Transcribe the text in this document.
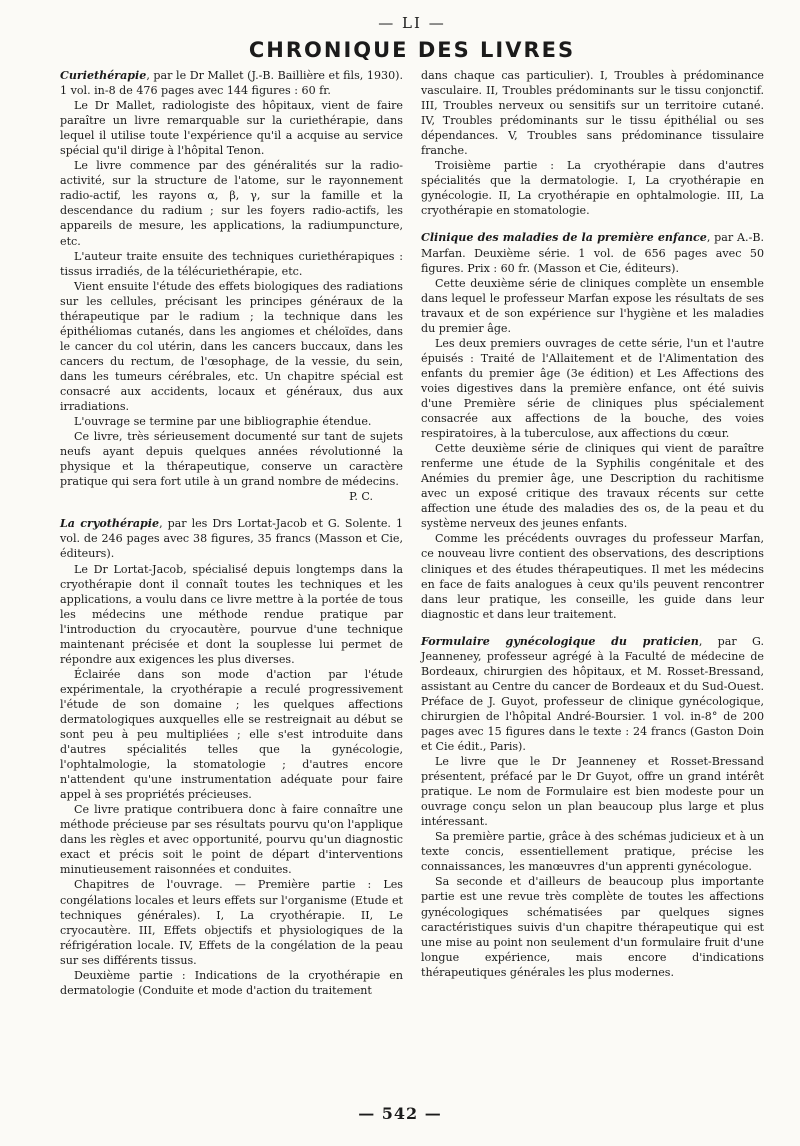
— LI —
CHRONIQUE DES LIVRES

Curiethérapie, par le Dr Mallet (J.-B. Baillière et fils, 1930). 1 vol. in-8 de 476 pages avec 144 figures : 60 fr.

Le Dr Mallet, radiologiste des hôpitaux, vient de faire paraître un livre remarquable sur la curiethérapie, dans lequel il utilise toute l'expérience qu'il a acquise au service spécial qu'il dirige à l'hôpital Tenon.

Le livre commence par des généralités sur la radio-activité, sur la structure de l'atome, sur le rayonnement radio-actif, les rayons α, β, γ, sur la famille et la descendance du radium ; sur les foyers radio-actifs, les appareils de mesure, les applications, la radiumpuncture, etc.

L'auteur traite ensuite des techniques curiethérapiques : tissus irradiés, de la télécuriethérapie, etc.

Vient ensuite l'étude des effets biologiques des radiations sur les cellules, précisant les principes généraux de la thérapeutique par le radium ; la technique dans les épithéliomas cutanés, dans les angiomes et chéloïdes, dans le cancer du col utérin, dans les cancers buccaux, dans les cancers du rectum, de l'œsophage, de la vessie, du sein, dans les tumeurs cérébrales, etc. Un chapitre spécial est consacré aux accidents, locaux et généraux, dus aux irradiations.

L'ouvrage se termine par une bibliographie étendue.

Ce livre, très sérieusement documenté sur tant de sujets neufs ayant depuis quelques années révolutionné la physique et la thérapeutique, conserve un caractère pratique qui sera fort utile à un grand nombre de médecins.

P. C.

La cryothérapie, par les Drs Lortat-Jacob et G. Solente. 1 vol. de 246 pages avec 38 figures, 35 francs (Masson et Cie, éditeurs).

Le Dr Lortat-Jacob, spécialisé depuis longtemps dans la cryothérapie dont il connaît toutes les techniques et les applications, a voulu dans ce livre mettre à la portée de tous les médecins une méthode rendue pratique par l'introduction du cryocautère, pourvue d'une technique maintenant précisée et dont la souplesse lui permet de répondre aux exigences les plus diverses.

Éclairée dans son mode d'action par l'étude expérimentale, la cryothérapie a reculé progressivement l'étude de son domaine ; les quelques affections dermatologiques auxquelles elle se restreignait au début se sont peu à peu multipliées ; elle s'est introduite dans d'autres spécialités telles que la gynécologie, l'ophtalmologie, la stomatologie ; d'autres encore n'attendent qu'une instrumentation adéquate pour faire appel à ses propriétés précieuses.

Ce livre pratique contribuera donc à faire connaître une méthode précieuse par ses résultats pourvu qu'on l'applique dans les règles et avec opportunité, pourvu qu'un diagnostic exact et précis soit le point de départ d'interventions minutieusement raisonnées et conduites.

Chapitres de l'ouvrage. — Première partie : Les congélations locales et leurs effets sur l'organisme (Etude et techniques générales). I, La cryothérapie. II, Le cryocautère. III, Effets objectifs et physiologiques de la réfrigération locale. IV, Effets de la congélation de la peau sur ses différents tissus.

Deuxième partie : Indications de la cryothérapie en dermatologie (Conduite et mode d'action du traitement

dans chaque cas particulier). I, Troubles à prédominance vasculaire. II, Troubles prédominants sur le tissu conjonctif. III, Troubles nerveux ou sensitifs sur un territoire cutané. IV, Troubles prédominants sur le tissu épithélial ou ses dépendances. V, Troubles sans prédominance tissulaire franche.

Troisième partie : La cryothérapie dans d'autres spécialités que la dermatologie. I, La cryothérapie en gynécologie. II, La cryothérapie en ophtalmologie. III, La cryothérapie en stomatologie.

Clinique des maladies de la première enfance, par A.-B. Marfan. Deuxième série. 1 vol. de 656 pages avec 50 figures. Prix : 60 fr. (Masson et Cie, éditeurs).

Cette deuxième série de cliniques complète un ensemble dans lequel le professeur Marfan expose les résultats de ses travaux et de son expérience sur l'hygiène et les maladies du premier âge.

Les deux premiers ouvrages de cette série, l'un et l'autre épuisés : Traité de l'Allaitement et de l'Alimentation des enfants du premier âge (3e édition) et Les Affections des voies digestives dans la première enfance, ont été suivis d'une Première série de cliniques plus spécialement consacrée aux affections de la bouche, des voies respiratoires, à la tuberculose, aux affections du cœur.

Cette deuxième série de cliniques qui vient de paraître renferme une étude de la Syphilis congénitale et des Anémies du premier âge, une Description du rachitisme avec un exposé critique des travaux récents sur cette affection une étude des maladies des os, de la peau et du système nerveux des jeunes enfants.

Comme les précédents ouvrages du professeur Marfan, ce nouveau livre contient des observations, des descriptions cliniques et des études thérapeutiques. Il met les médecins en face de faits analogues à ceux qu'ils peuvent rencontrer dans leur pratique, les conseille, les guide dans leur diagnostic et dans leur traitement.

Formulaire gynécologique du praticien, par G. Jeanneney, professeur agrégé à la Faculté de médecine de Bordeaux, chirurgien des hôpitaux, et M. Rosset-Bressand, assistant au Centre du cancer de Bordeaux et du Sud-Ouest. Préface de J. Guyot, professeur de clinique gynécologique, chirurgien de l'hôpital André-Boursier. 1 vol. in-8° de 200 pages avec 15 figures dans le texte : 24 francs (Gaston Doin et Cie édit., Paris).

Le livre que le Dr Jeanneney et Rosset-Bressand présentent, préfacé par le Dr Guyot, offre un grand intérêt pratique. Le nom de Formulaire est bien modeste pour un ouvrage conçu selon un plan beaucoup plus large et plus intéressant.

Sa première partie, grâce à des schémas judicieux et à un texte concis, essentiellement pratique, précise les connaissances, les manœuvres d'un apprenti gynécologue.

Sa seconde et d'ailleurs de beaucoup plus importante partie est une revue très complète de toutes les affections gynécologiques schématisées par quelques signes caractéristiques suivis d'un chapitre thérapeutique qui est une mise au point non seulement d'un formulaire fruit d'une longue expérience, mais encore d'indications thérapeutiques générales les plus modernes.

— 542 —
